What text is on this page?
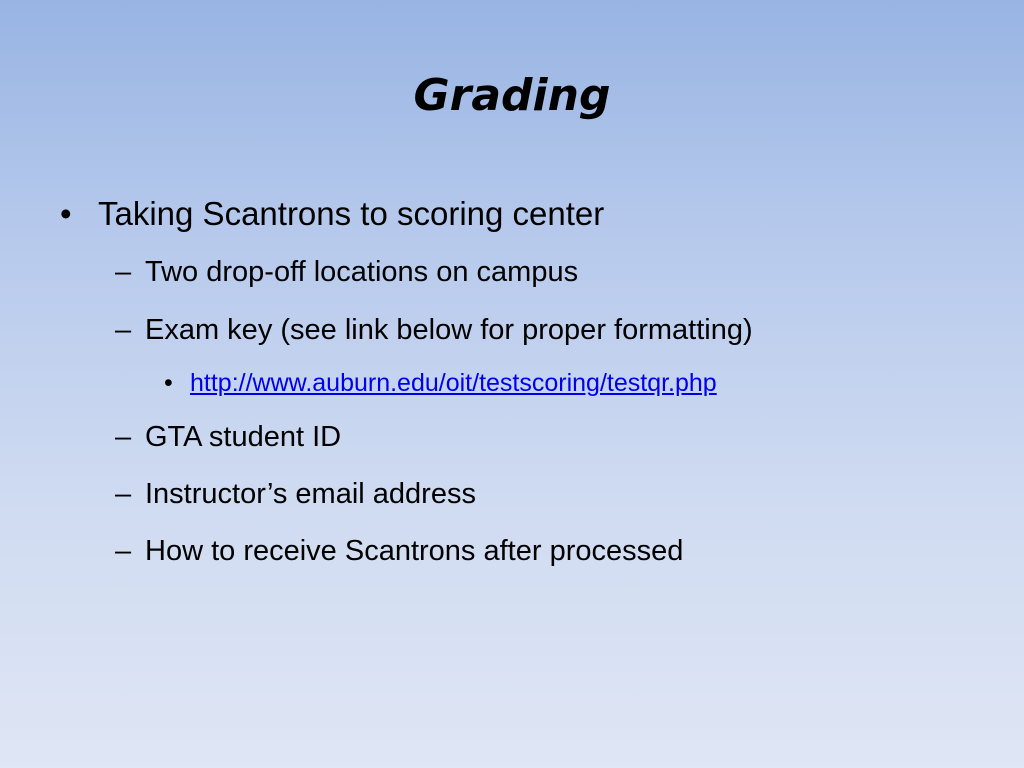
Grading
• Taking Scantrons to scoring center
– Two drop-off locations on campus
– Exam key (see link below for proper formatting)
• http://www.auburn.edu/oit/testscoring/testqr.php
– GTA student ID
– Instructor’s email address
– How to receive Scantrons after processed
